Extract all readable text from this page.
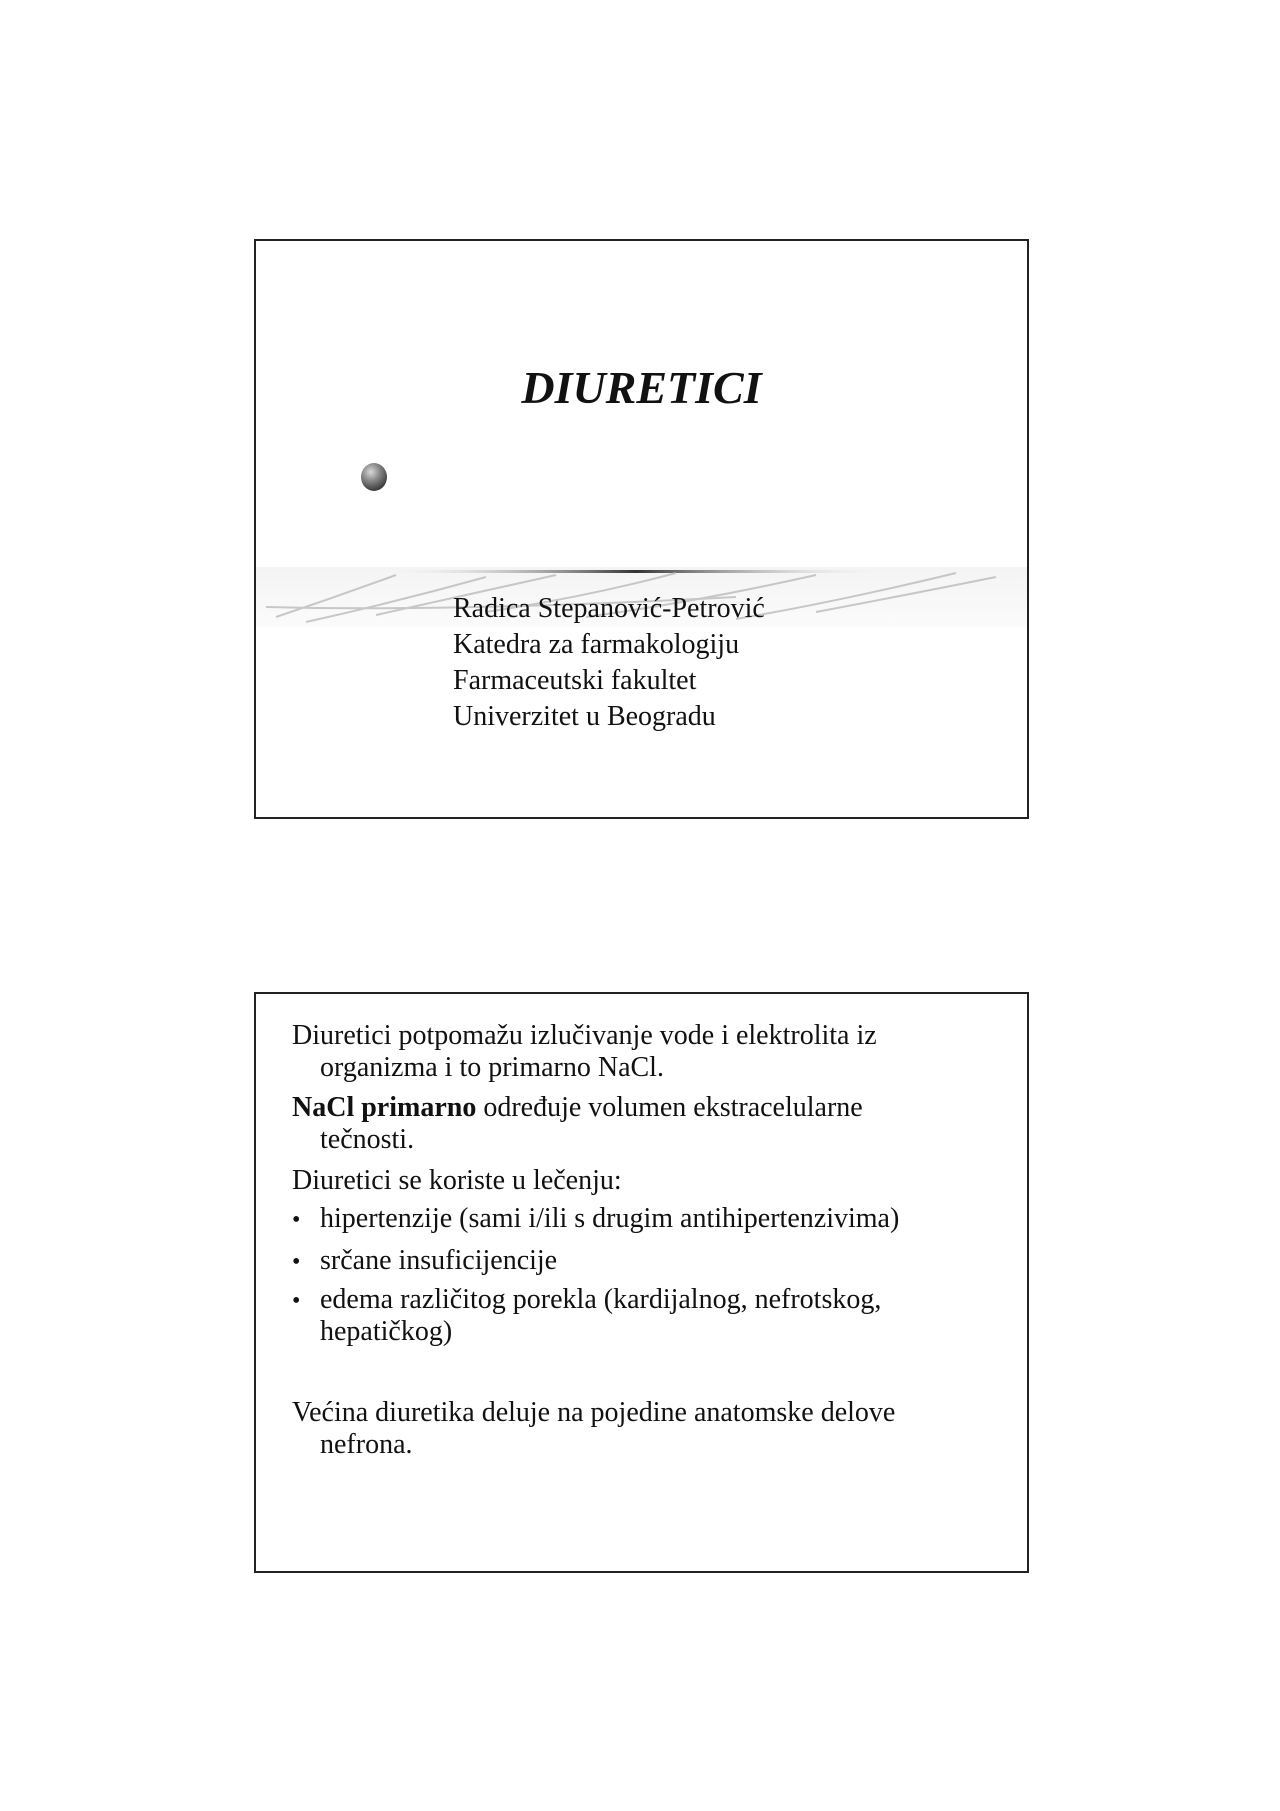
DIURETICI
Radica Stepanović-Petrović
Katedra za farmakologiju
Farmaceutski fakultet
Univerzitet u Beogradu
Diuretici potpomažu izlučivanje vode i elektrolita iz
organizma i to primarno NaCl.
NaCl primarno određuje volumen ekstracelularne
tečnosti.
Diuretici se koriste u lečenju:
• hipertenzije (sami i/ili s drugim antihipertenzivima)
• srčane insuficijencije
• edema različitog porekla (kardijalnog, nefrotskog,
hepatičkog)
Većina diuretika deluje na pojedine anatomske delove
nefrona.
